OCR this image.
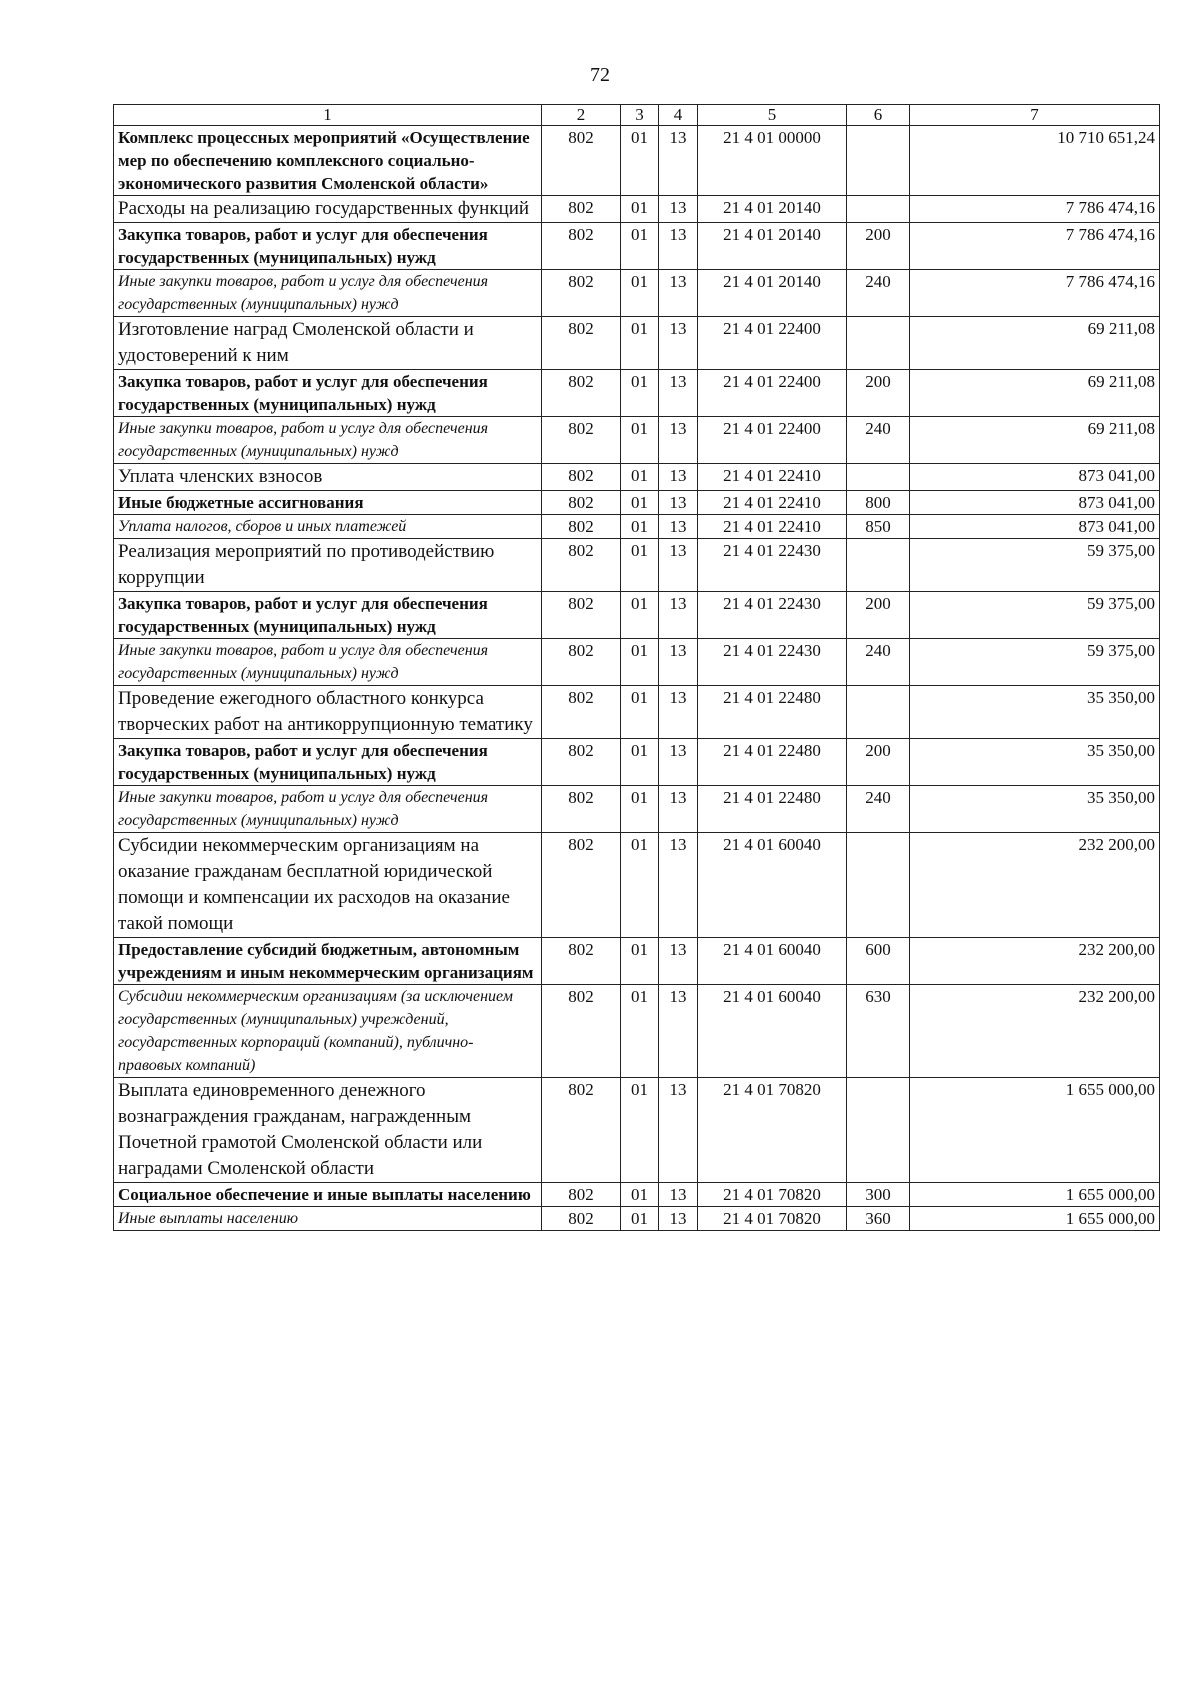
72
1	2	3	4	5	6	7
Комплекс процессных мероприятий «Осуществление мер по обеспечению комплексного социально-экономического развития Смоленской области»	802	01	13	21 4 01 00000		10 710 651,24
Расходы на реализацию государственных функций	802	01	13	21 4 01 20140		7 786 474,16
Закупка товаров, работ и услуг для обеспечения государственных (муниципальных) нужд	802	01	13	21 4 01 20140	200	7 786 474,16
Иные закупки товаров, работ и услуг для обеспечения государственных (муниципальных) нужд	802	01	13	21 4 01 20140	240	7 786 474,16
Изготовление наград Смоленской области и удостоверений к ним	802	01	13	21 4 01 22400		69 211,08
Закупка товаров, работ и услуг для обеспечения государственных (муниципальных) нужд	802	01	13	21 4 01 22400	200	69 211,08
Иные закупки товаров, работ и услуг для обеспечения государственных (муниципальных) нужд	802	01	13	21 4 01 22400	240	69 211,08
Уплата членских взносов	802	01	13	21 4 01 22410		873 041,00
Иные бюджетные ассигнования	802	01	13	21 4 01 22410	800	873 041,00
Уплата налогов, сборов и иных платежей	802	01	13	21 4 01 22410	850	873 041,00
Реализация мероприятий по противодействию коррупции	802	01	13	21 4 01 22430		59 375,00
Закупка товаров, работ и услуг для обеспечения государственных (муниципальных) нужд	802	01	13	21 4 01 22430	200	59 375,00
Иные закупки товаров, работ и услуг для обеспечения государственных (муниципальных) нужд	802	01	13	21 4 01 22430	240	59 375,00
Проведение ежегодного областного конкурса творческих работ на антикоррупционную тематику	802	01	13	21 4 01 22480		35 350,00
Закупка товаров, работ и услуг для обеспечения государственных (муниципальных) нужд	802	01	13	21 4 01 22480	200	35 350,00
Иные закупки товаров, работ и услуг для обеспечения государственных (муниципальных) нужд	802	01	13	21 4 01 22480	240	35 350,00
Субсидии некоммерческим организациям на оказание гражданам бесплатной юридической помощи и компенсации их расходов на оказание такой помощи	802	01	13	21 4 01 60040		232 200,00
Предоставление субсидий бюджетным, автономным учреждениям и иным некоммерческим организациям	802	01	13	21 4 01 60040	600	232 200,00
Субсидии некоммерческим организациям (за исключением государственных (муниципальных) учреждений, государственных корпораций (компаний), публично-правовых компаний)	802	01	13	21 4 01 60040	630	232 200,00
Выплата единовременного денежного вознаграждения гражданам, награжденным Почетной грамотой Смоленской области или наградами Смоленской области	802	01	13	21 4 01 70820		1 655 000,00
Социальное обеспечение и иные выплаты населению	802	01	13	21 4 01 70820	300	1 655 000,00
Иные выплаты населению	802	01	13	21 4 01 70820	360	1 655 000,00
